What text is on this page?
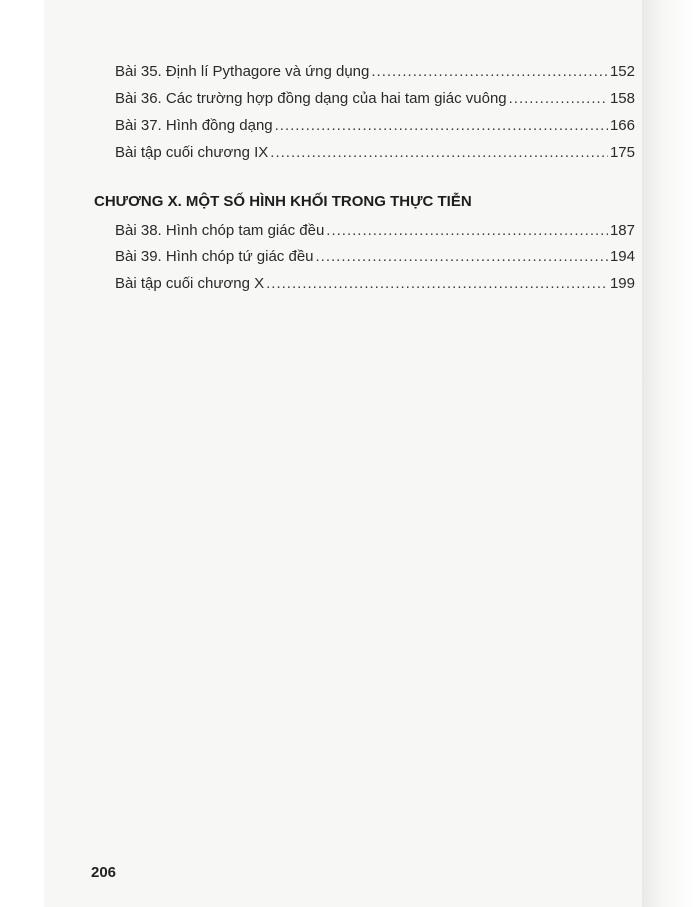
Bài 35. Định lí Pythagore và ứng dụng .....	152
Bài 36. Các trường hợp đồng dạng của hai tam giác vuông .....	158
Bài 37. Hình đồng dạng .....	166
Bài tập cuối chương IX .....	175
CHƯƠNG X. MỘT SỐ HÌNH KHỐI TRONG THỰC TIỄN
Bài 38. Hình chóp tam giác đều .....	187
Bài 39. Hình chóp tứ giác đều .....	194
Bài tập cuối chương X .....	199
206
